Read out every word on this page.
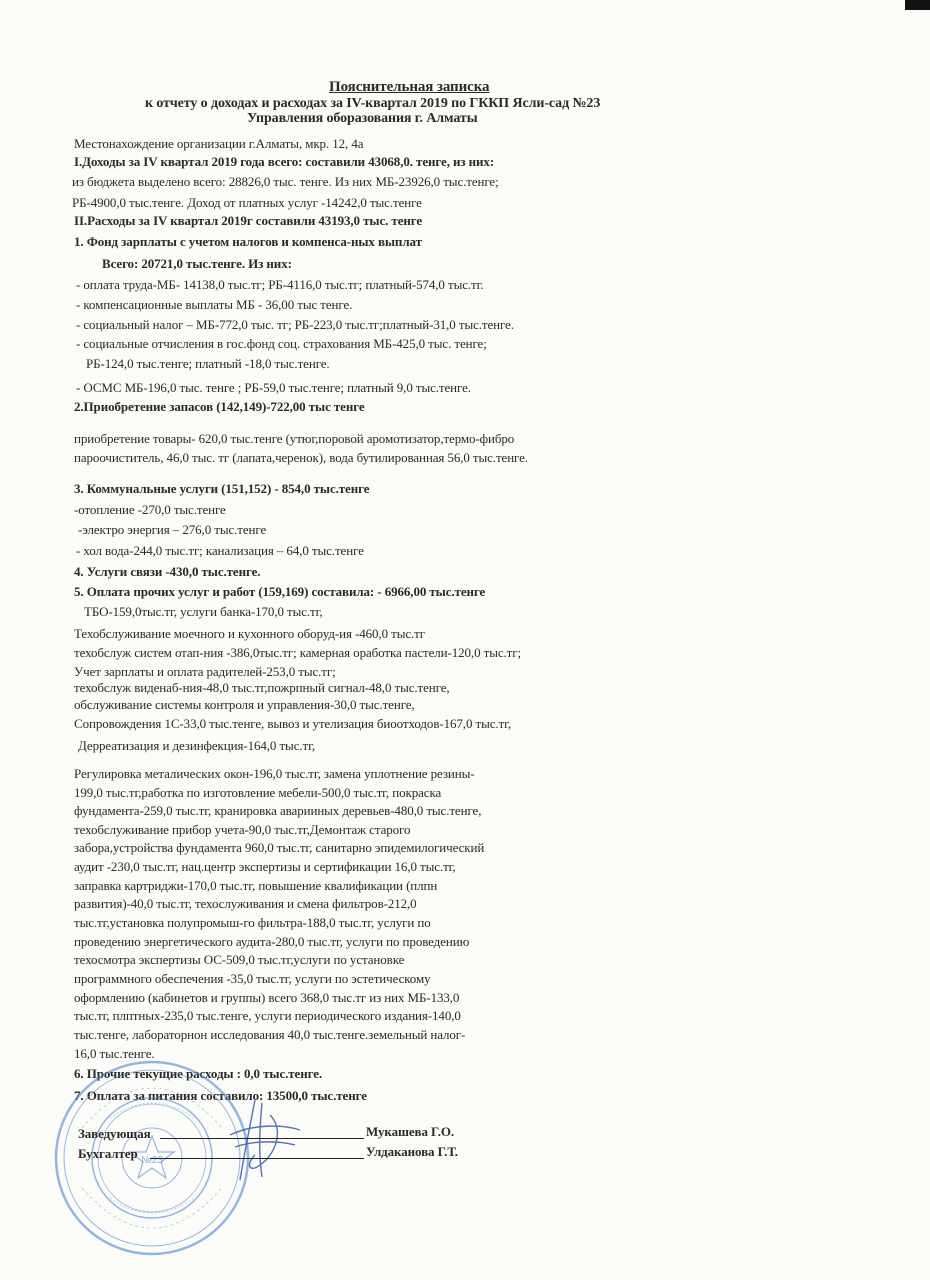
Пояснительная записка
к отчету о доходах и расходах за IV-квартал 2019 по ГККП Ясли-сад №23
Управления оборазования г. Алматы
Местонахождение организации г.Алматы, мкр. 12, 4а
I.Доходы за IV квартал 2019 года всего: составили 43068,0. тенге, из них:
из бюджета выделено всего: 28826,0 тыс. тенге. Из них МБ-23926,0 тыс.тенге;
РБ-4900,0 тыс.тенге. Доход от платных услуг -14242,0 тыс.тенге
II.Расходы за IV квартал 2019г составили 43193,0 тыс. тенге
1. Фонд зарплаты с учетом налогов и компенса-ных выплат
Всего: 20721,0 тыс.тенге. Из них:
- оплата труда-МБ- 14138,0 тыс.тг; РБ-4116,0 тыс.тг; платный-574,0 тыс.тг.
- компенсационные выплаты МБ - 36,00 тыс тенге.
- социальный налог – МБ-772,0 тыс. тг; РБ-223,0 тыс.тг;платный-31,0 тыс.тенге.
- социальные отчисления в гос.фонд соц. страхования МБ-425,0 тыс. тенге;
РБ-124,0 тыс.тенге; платный -18,0 тыс.тенге.
- ОСМС МБ-196,0 тыс. тенге ; РБ-59,0 тыс.тенге; платный 9,0 тыс.тенге.
2.Приобретение запасов (142,149)-722,00 тыс тенге
приобретение товары- 620,0 тыс.тенге (утюг,пoровой аромотизатор,термо-фибро
пароочиститель, 46,0 тыс. тг (лапата,черенок), вода бутилированная 56,0 тыс.тенге.
3. Коммунальные услуги (151,152) - 854,0 тыс.тенге
-отопление -270,0 тыс.тенге
-электро энергия – 276,0 тыс.тенге
- хол вода-244,0 тыс.тг; канализация – 64,0 тыс.тенге
4. Услуги связи -430,0 тыс.тенге.
5. Оплата прочих услуг и работ (159,169) составила: - 6966,00 тыс.тенге
ТБО-159,0тыс.тг, услуги банка-170,0 тыс.тг,
Техобслуживание моечного и кухонного оборуд-ия -460,0 тыс.тг
техобслуж систем отап-ния -386,0тыс.тг; камерная оработка пастели-120,0 тыс.тг;
Учет зарплаты и оплата радителей-253,0 тыс.тг;
техобслуж виденаб-ния-48,0 тыс.тг,пожрпный сигнал-48,0 тыс.тенге,
обслуживание системы контроля и управления-30,0 тыс.тенге,
Сопровождения 1С-33,0 тыс.тенге, вывоз и утелизация биоотходов-167,0 тыс.тг,
Дерреатизация и дезинфекция-164,0 тыс.тг,
Регулировка металических окон-196,0 тыс.тг, замена уплотнение резины-
199,0 тыс.тг,работка по изготовление мебели-500,0 тыс.тг, покраска
фундамента-259,0 тыс.тг, кранировка аварииных деревьев-480,0 тыс.тенге,
техобслуживание прибор учета-90,0 тыс.тг,Демонтаж старого
забора,устройства фундамента 960,0 тыс.тг, санитарно эпидемилогический
аудит -230,0 тыс.тг, нац.центр экспертизы и сертификации 16,0 тыс.тг,
заправка картриджи-170,0 тыс.тг, повышение квалификации (плпн
развития)-40,0 тыс.тг, техослуживания и смена фильтров-212,0
тыс.тг,установка полупромыш-го фильтра-188,0 тыс.тг, услуги по
проведению энергетического аудита-280,0 тыс.тг, услуги по проведению
техосмотра экспертизы ОС-509,0 тыс.тг,услуги по установке
программного обеспечения -35,0 тыс.тг, услуги по эстетическому
оформлению (кабинетов и группы) всего 368,0 тыс.тг из них МБ-133,0
тыс.тг, плптных-235,0 тыс.тенге, услуги периодического издания-140,0
тыс.тенге, лабораторнон исследования 40,0 тыс.тенге.земельный налог-
16,0 тыс.тенге.
6. Прочие текущие расходы : 0,0 тыс.тенге.
7. Оплата за питания составило: 13500,0 тыс.тенге
№23
Заведующая	Мукашева Г.О.
Бухгалтер	Улдаканова Г.Т.
